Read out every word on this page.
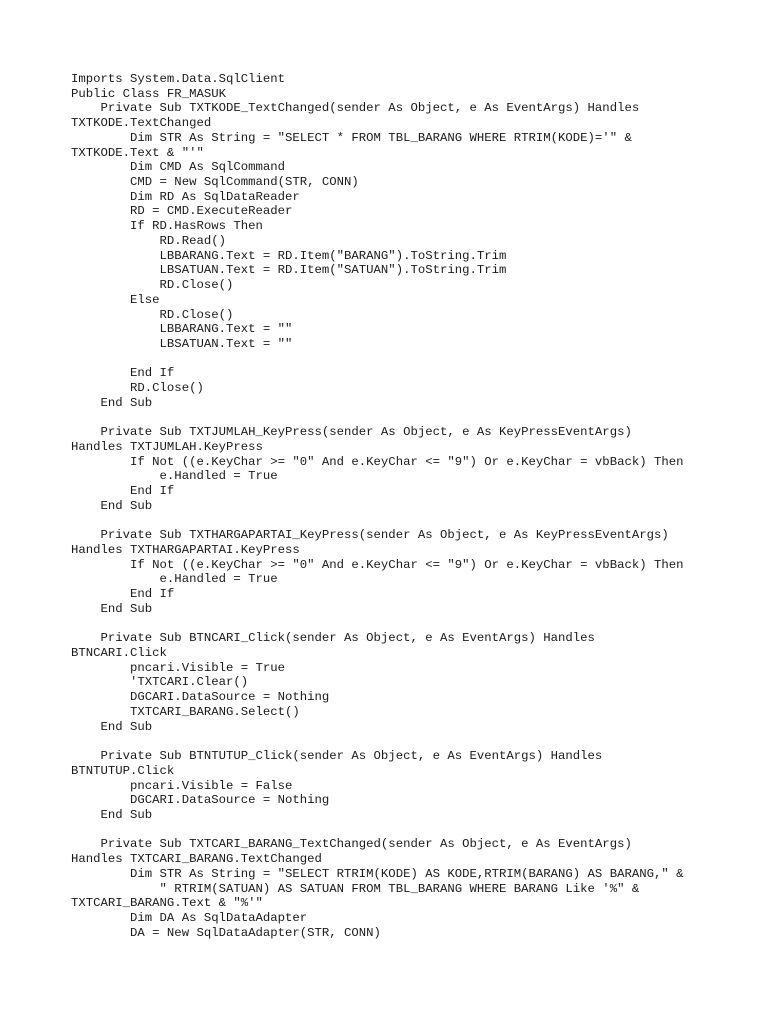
Imports System.Data.SqlClient
Public Class FR_MASUK
Private Sub TXTKODE_TextChanged(sender As Object, e As EventArgs) Handles
TXTKODE.TextChanged
Dim STR As String = "SELECT * FROM TBL_BARANG WHERE RTRIM(KODE)='" &
TXTKODE.Text & "'"
Dim CMD As SqlCommand
CMD = New SqlCommand(STR, CONN)
Dim RD As SqlDataReader
RD = CMD.ExecuteReader
If RD.HasRows Then
RD.Read()
LBBARANG.Text = RD.Item("BARANG").ToString.Trim
LBSATUAN.Text = RD.Item("SATUAN").ToString.Trim
RD.Close()
Else
RD.Close()
LBBARANG.Text = ""
LBSATUAN.Text = ""
End If
RD.Close()
End Sub
Private Sub TXTJUMLAH_KeyPress(sender As Object, e As KeyPressEventArgs)
Handles TXTJUMLAH.KeyPress
If Not ((e.KeyChar >= "0" And e.KeyChar <= "9") Or e.KeyChar = vbBack) Then
e.Handled = True
End If
End Sub
Private Sub TXTHARGAPARTAI_KeyPress(sender As Object, e As KeyPressEventArgs)
Handles TXTHARGAPARTAI.KeyPress
If Not ((e.KeyChar >= "0" And e.KeyChar <= "9") Or e.KeyChar = vbBack) Then
e.Handled = True
End If
End Sub
Private Sub BTNCARI_Click(sender As Object, e As EventArgs) Handles
BTNCARI.Click
pncari.Visible = True
'TXTCARI.Clear()
DGCARI.DataSource = Nothing
TXTCARI_BARANG.Select()
End Sub
Private Sub BTNTUTUP_Click(sender As Object, e As EventArgs) Handles
BTNTUTUP.Click
pncari.Visible = False
DGCARI.DataSource = Nothing
End Sub
Private Sub TXTCARI_BARANG_TextChanged(sender As Object, e As EventArgs)
Handles TXTCARI_BARANG.TextChanged
Dim STR As String = "SELECT RTRIM(KODE) AS KODE,RTRIM(BARANG) AS BARANG," &
" RTRIM(SATUAN) AS SATUAN FROM TBL_BARANG WHERE BARANG Like '%" &
TXTCARI_BARANG.Text & "%'"
Dim DA As SqlDataAdapter
DA = New SqlDataAdapter(STR, CONN)
